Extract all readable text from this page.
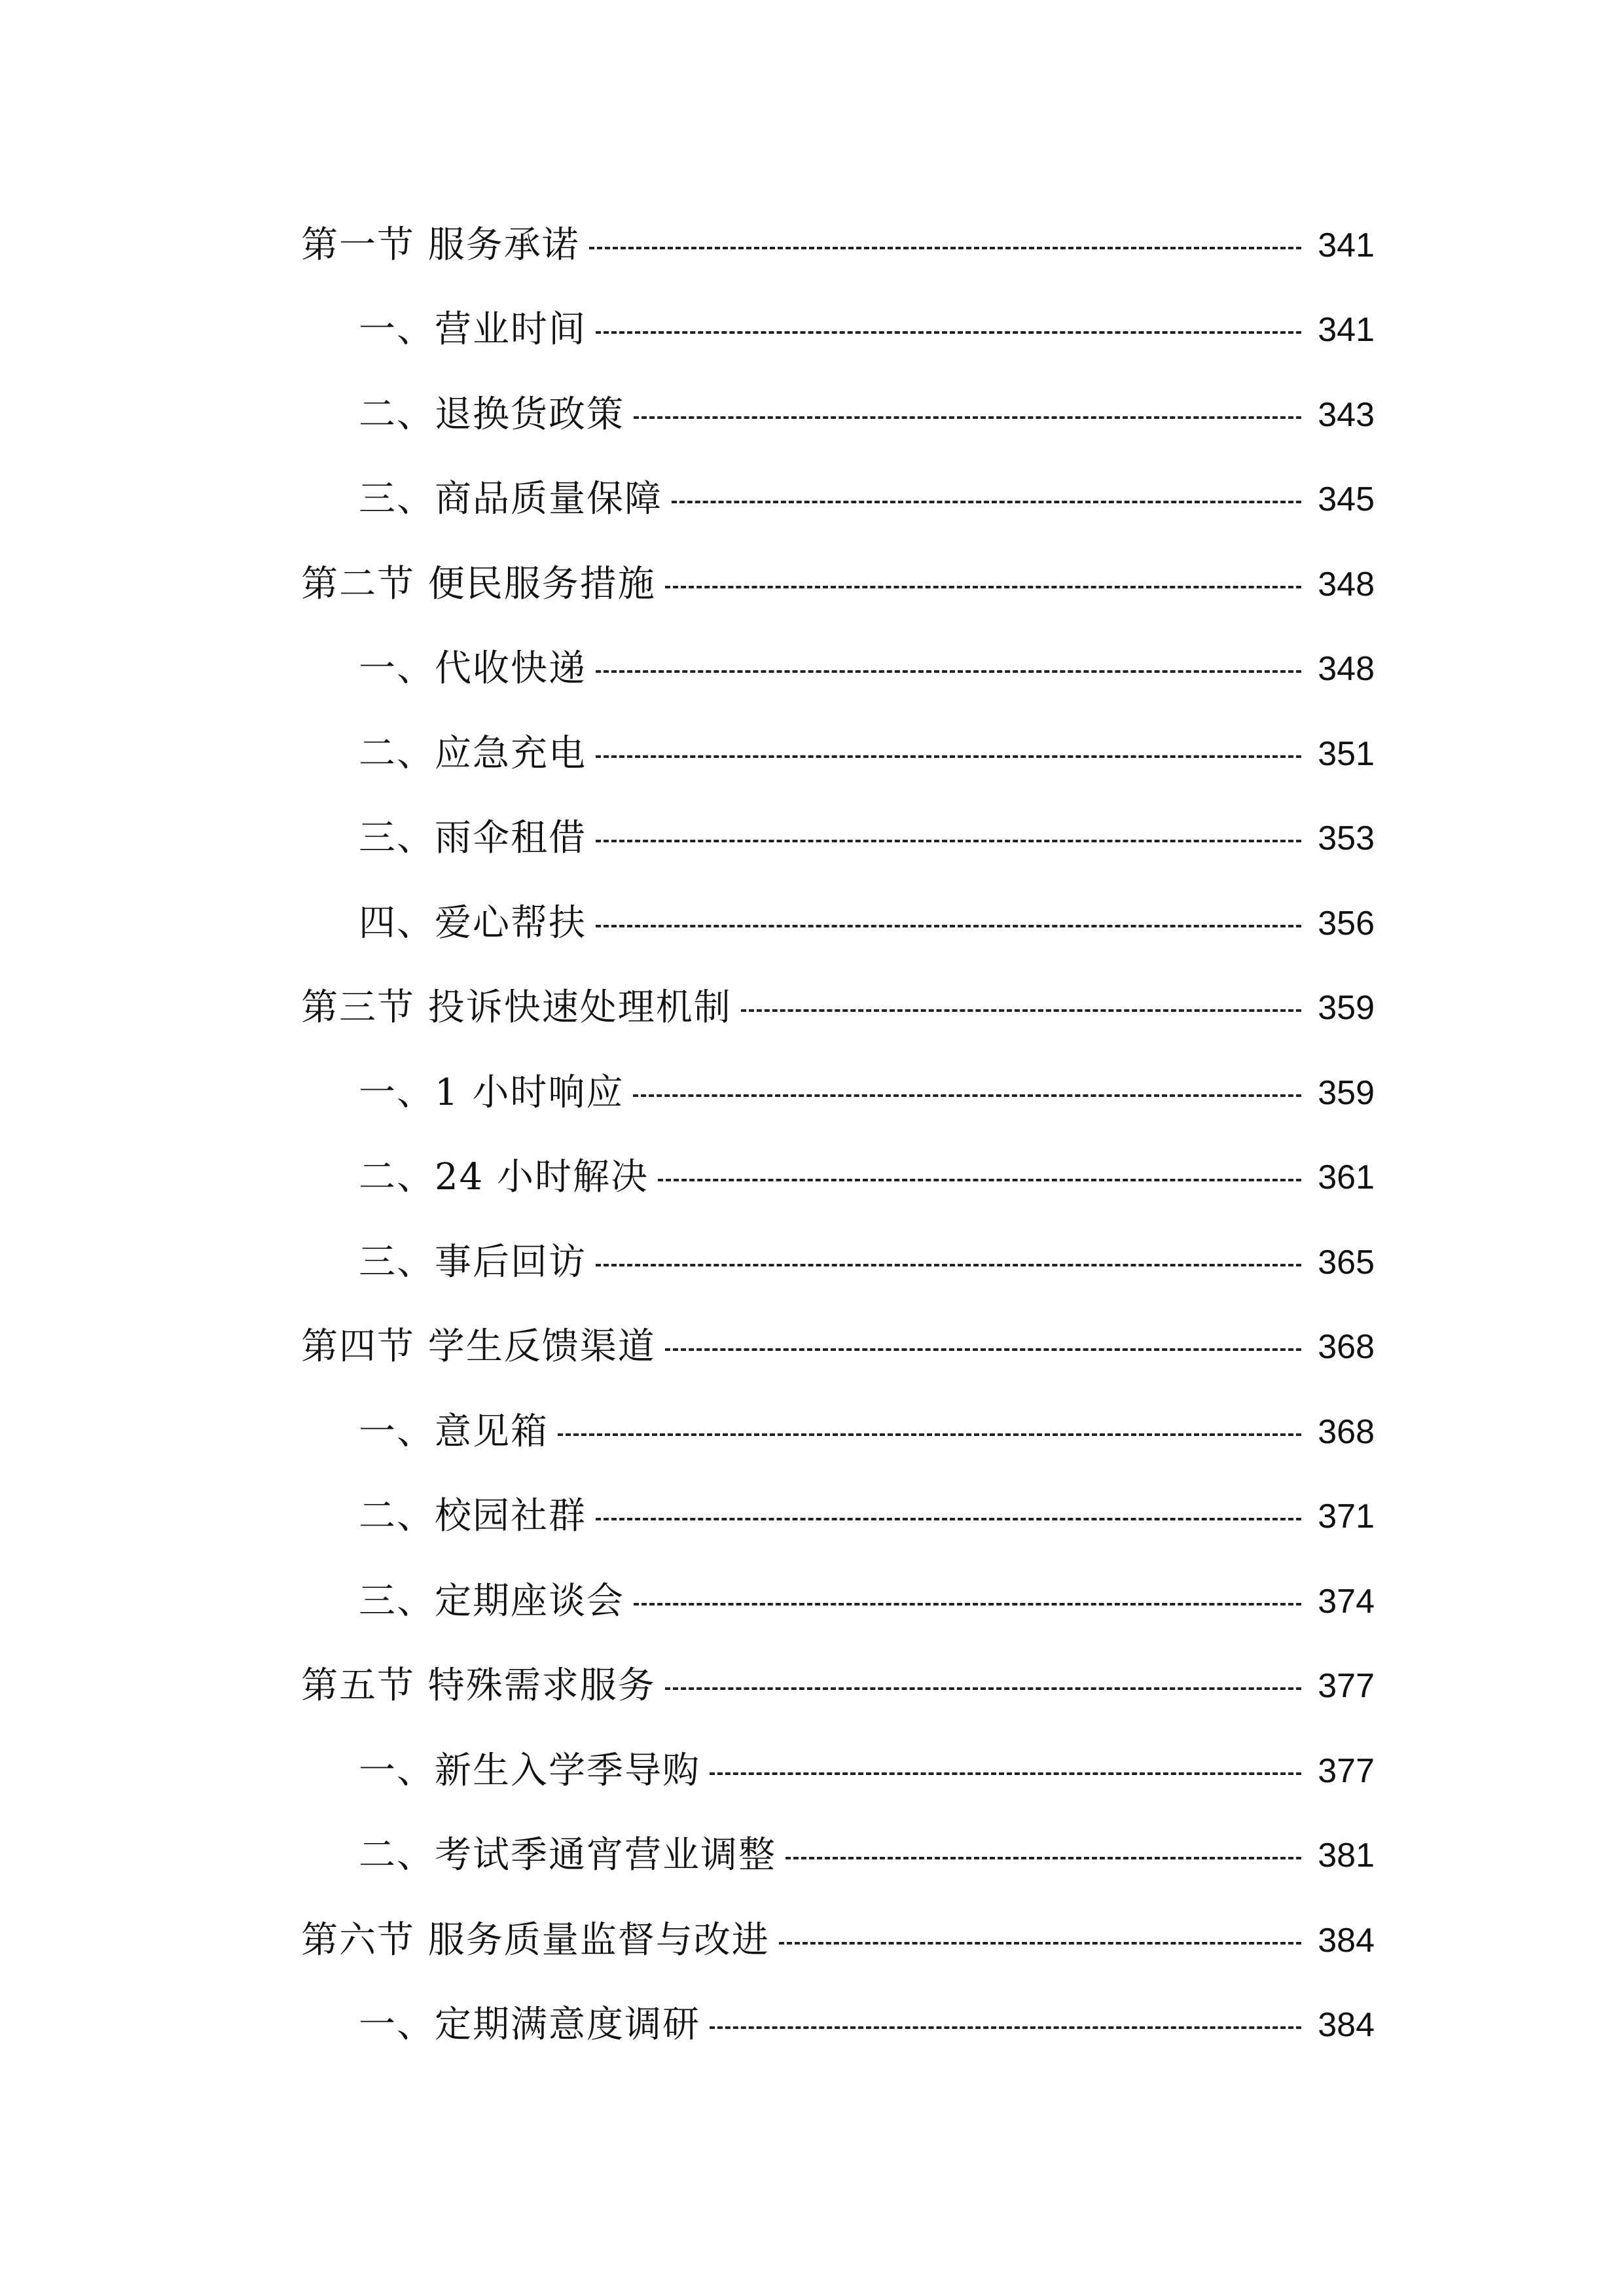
第一节 服务承诺	341
一、营业时间	341
二、退换货政策	343
三、商品质量保障	345
第二节 便民服务措施	348
一、代收快递	348
二、应急充电	351
三、雨伞租借	353
四、爱心帮扶	356
第三节 投诉快速处理机制	359
一、1 小时响应	359
二、24 小时解决	361
三、事后回访	365
第四节 学生反馈渠道	368
一、意见箱	368
二、校园社群	371
三、定期座谈会	374
第五节 特殊需求服务	377
一、新生入学季导购	377
二、考试季通宵营业调整	381
第六节 服务质量监督与改进	384
一、定期满意度调研	384
